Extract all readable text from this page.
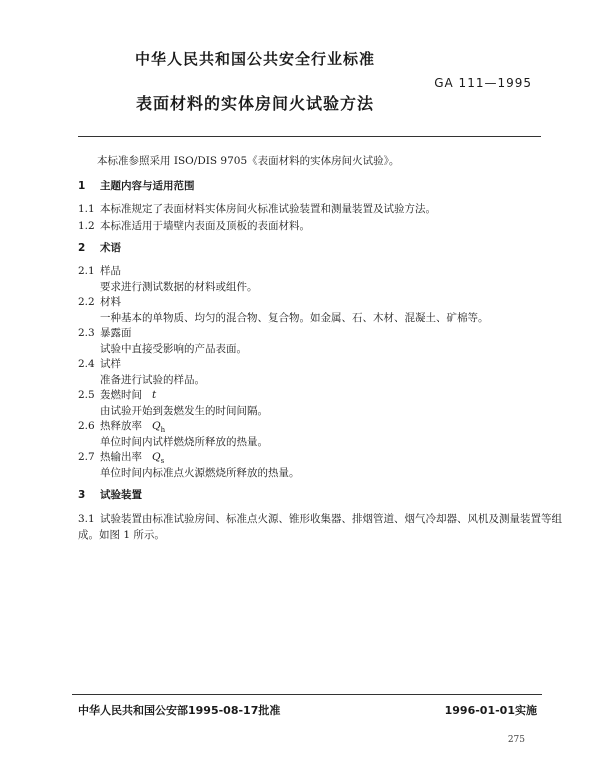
中华人民共和国公共安全行业标准
GA 111—1995
表面材料的实体房间火试验方法
本标准参照采用 ISO/DIS 9705《表面材料的实体房间火试验》。
1 主题内容与适用范围
1.1 本标准规定了表面材料实体房间火标准试验装置和测量装置及试验方法。
1.2 本标准适用于墙壁内表面及顶板的表面材料。
2 术语
2.1 样品
要求进行测试数据的材料或组件。
2.2 材料
一种基本的单物质、均匀的混合物、复合物。如金属、石、木材、混凝土、矿棉等。
2.3 暴露面
试验中直接受影响的产品表面。
2.4 试样
准备进行试验的样品。
2.5 轰燃时间 t
由试验开始到轰燃发生的时间间隔。
2.6 热释放率 $Q_h$
单位时间内试样燃烧所释放的热量。
2.7 热输出率 $Q_s$
单位时间内标准点火源燃烧所释放的热量。
3 试验装置
3.1 试验装置由标准试验房间、标准点火源、锥形收集器、排烟管道、烟气冷却器、风机及测量装置等组
成。如图 1 所示。
中华人民共和国公安部1995-08-17批准	1996-01-01实施
275
